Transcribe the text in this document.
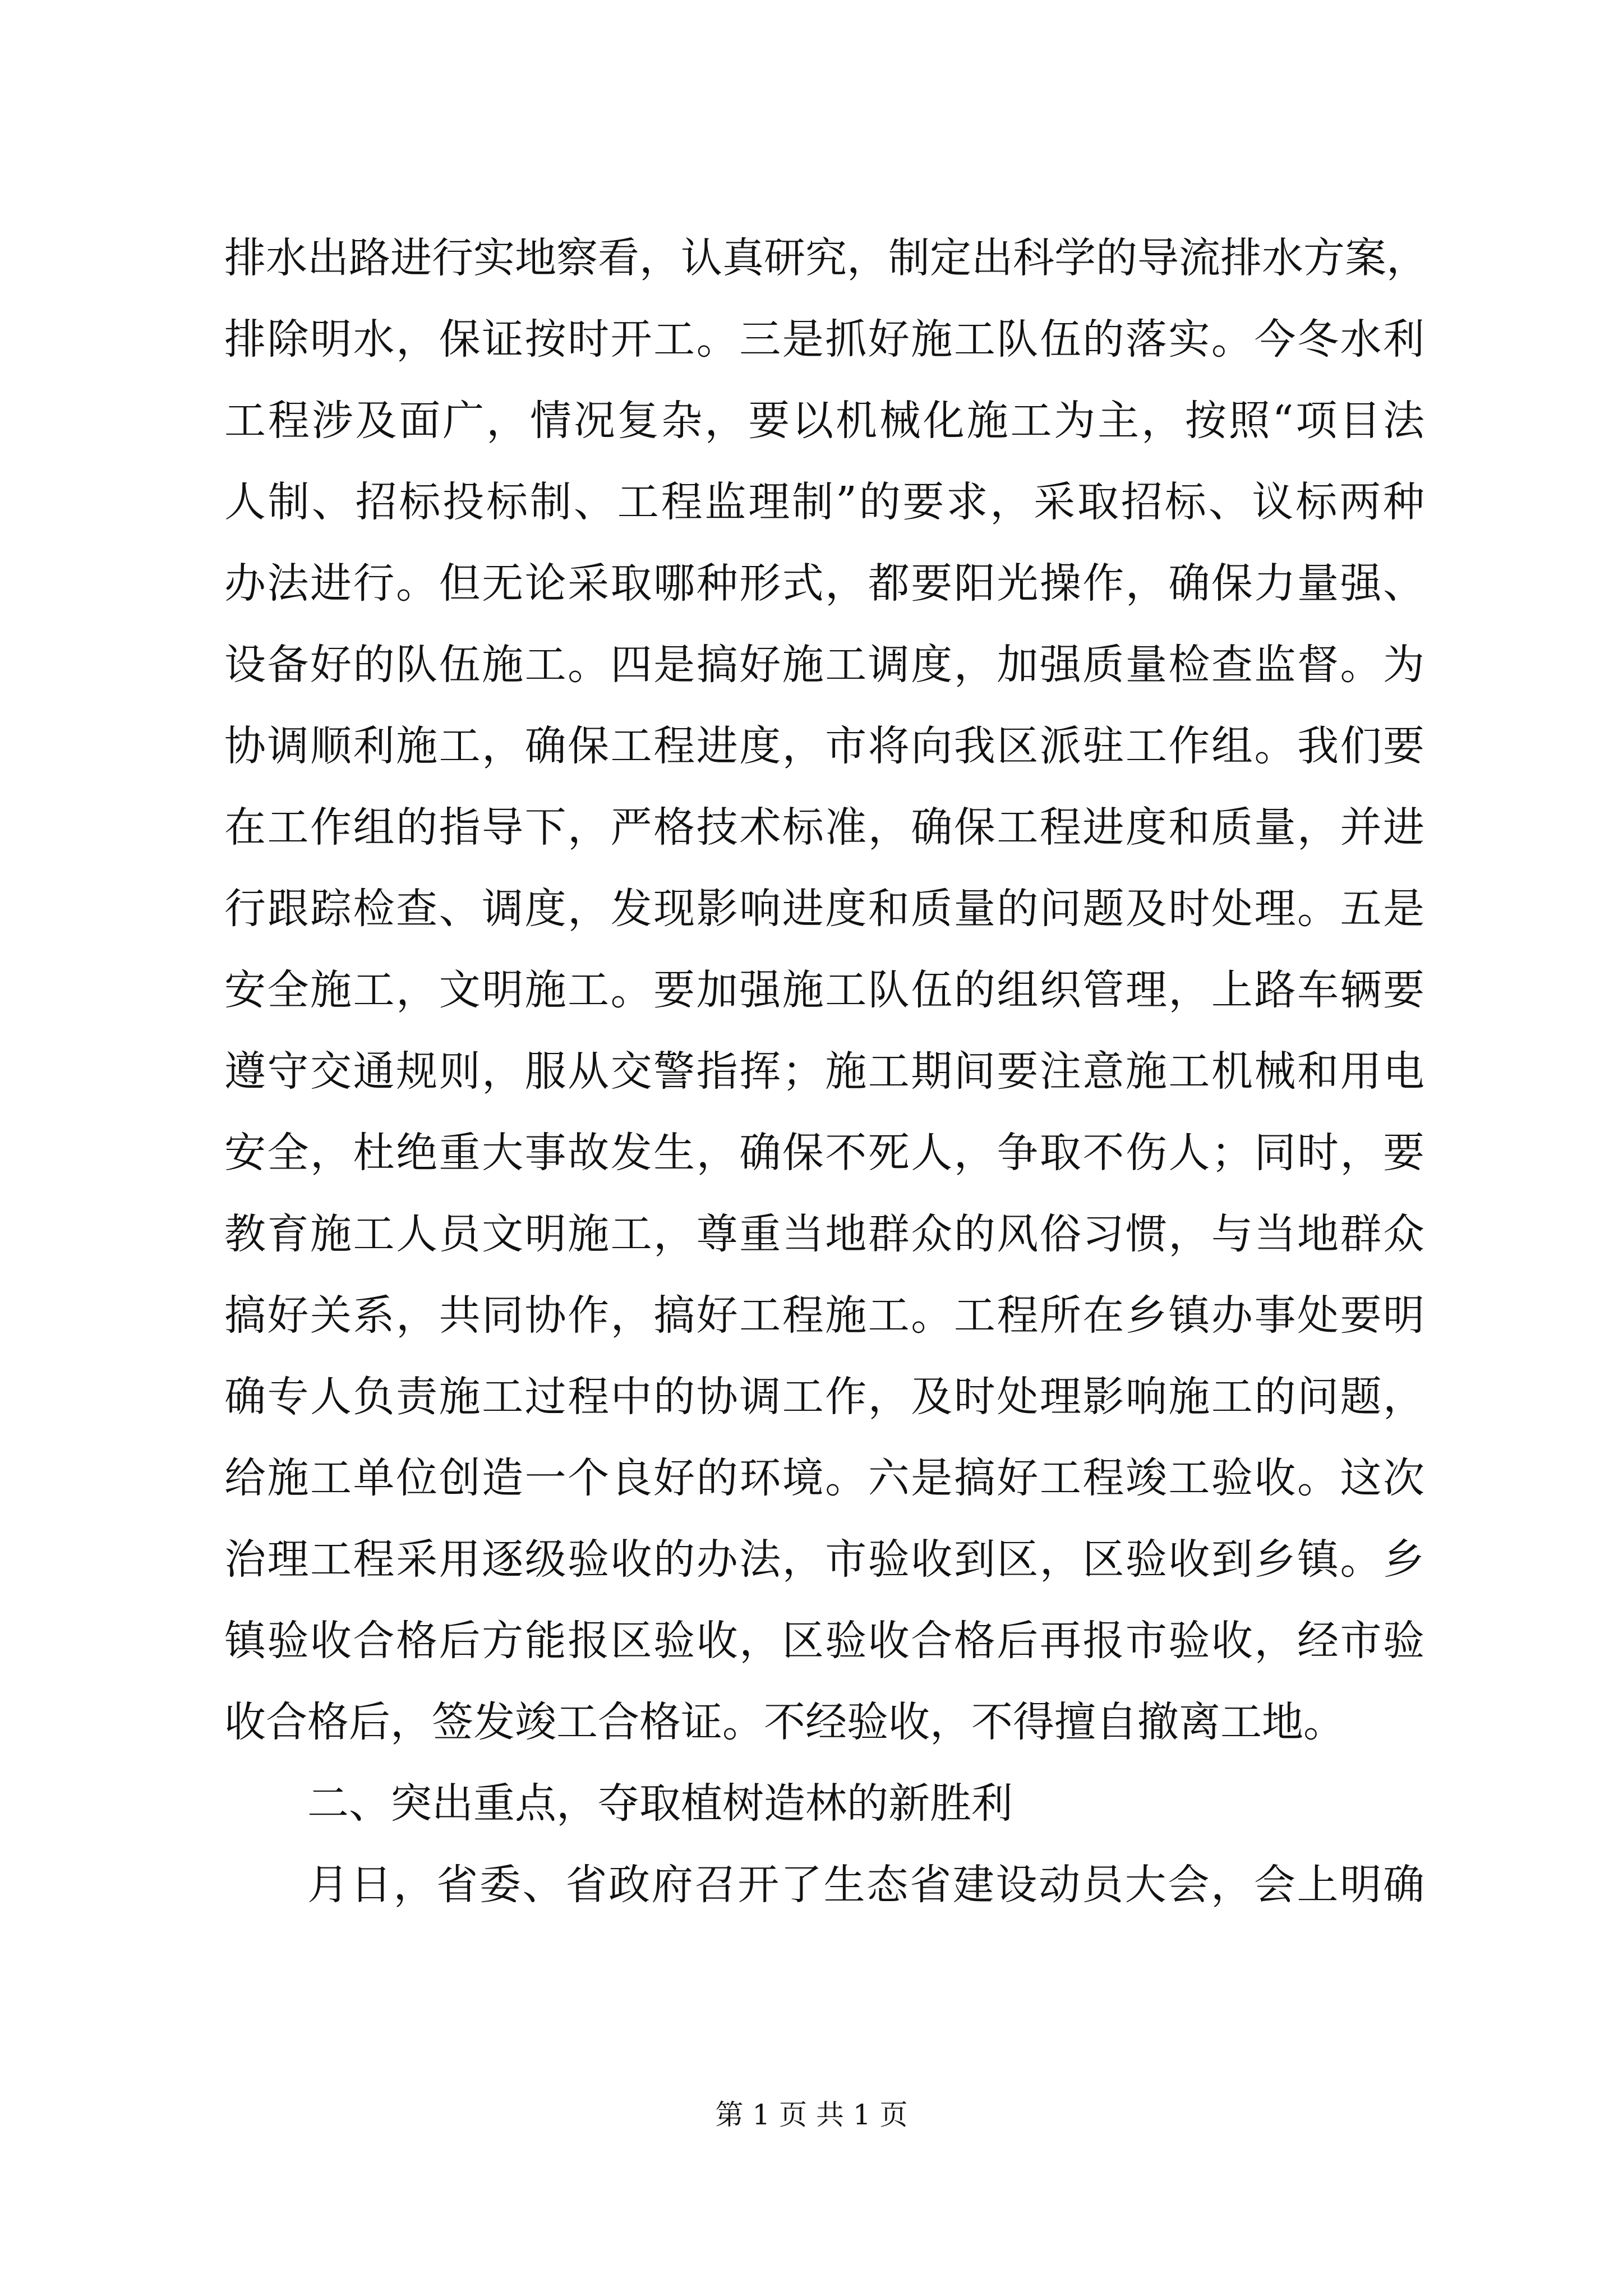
排水出路进行实地察看，认真研究，制定出科学的导流排水方案，
排除明水，保证按时开工。三是抓好施工队伍的落实。今冬水利
工程涉及面广，情况复杂，要以机械化施工为主，按照“项目法
人制、招标投标制、工程监理制”的要求，采取招标、议标两种
办法进行。但无论采取哪种形式，都要阳光操作，确保力量强、
设备好的队伍施工。四是搞好施工调度，加强质量检查监督。为
协调顺利施工，确保工程进度，市将向我区派驻工作组。我们要
在工作组的指导下，严格技术标准，确保工程进度和质量，并进
行跟踪检查、调度，发现影响进度和质量的问题及时处理。五是
安全施工，文明施工。要加强施工队伍的组织管理，上路车辆要
遵守交通规则，服从交警指挥；施工期间要注意施工机械和用电
安全，杜绝重大事故发生，确保不死人，争取不伤人；同时，要
教育施工人员文明施工，尊重当地群众的风俗习惯，与当地群众
搞好关系，共同协作，搞好工程施工。工程所在乡镇办事处要明
确专人负责施工过程中的协调工作，及时处理影响施工的问题，
给施工单位创造一个良好的环境。六是搞好工程竣工验收。这次
治理工程采用逐级验收的办法，市验收到区，区验收到乡镇。乡
镇验收合格后方能报区验收，区验收合格后再报市验收，经市验
收合格后，签发竣工合格证。不经验收，不得擅自撤离工地。
二、突出重点，夺取植树造林的新胜利
月日，省委、省政府召开了生态省建设动员大会，会上明确
第 1 页 共 1 页
